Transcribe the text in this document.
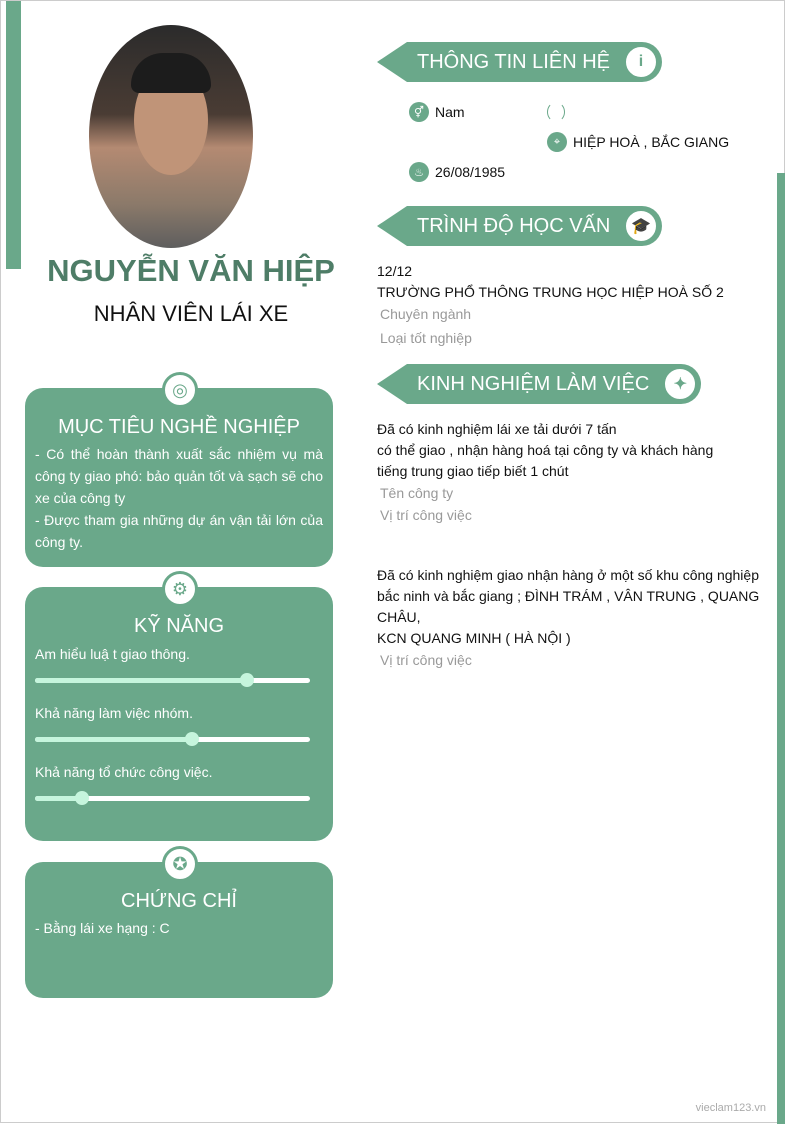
NGUYỄN VĂN HIỆP
NHÂN VIÊN LÁI XE
◎
MỤC TIÊU NGHỀ NGHIỆP
- Có thể hoàn thành xuất sắc nhiệm vụ mà công ty giao phó: bảo quản tốt và sạch sẽ cho xe của công ty
- Được tham gia những dự án vận tải lớn của công ty.
⚙
KỸ NĂNG
Am hiểu luậ t giao thông.
Khả năng làm việc nhóm.
Khả năng tổ chức công việc.
✪
CHỨNG CHỈ
- Bằng lái xe hạng : C
THÔNG TIN LIÊN HỆ	i
⚥ Nam
⌖ HIỆP HOÀ , BẮC GIANG
♨ 26/08/1985
TRÌNH ĐỘ HỌC VẤN	🎓
12/12
TRƯỜNG PHỔ THÔNG TRUNG HỌC HIỆP HOÀ SỐ 2
Chuyên ngành
Loại tốt nghiệp
KINH NGHIỆM LÀM VIỆC	✦
Đã có kinh nghiệm lái xe tải dưới 7 tấn
có thể giao , nhận hàng hoá tại công ty và khách hàng
tiếng trung giao tiếp biết 1 chút
Tên công ty
Vị trí công việc
Đã có kinh nghiệm giao nhận hàng ở một số khu công nghiệp bắc ninh và bắc giang ; ĐÌNH TRÁM , VÂN TRUNG , QUANG CHÂU,
KCN QUANG MINH ( HÀ NỘI )
Vị trí công việc
vieclam123.vn
